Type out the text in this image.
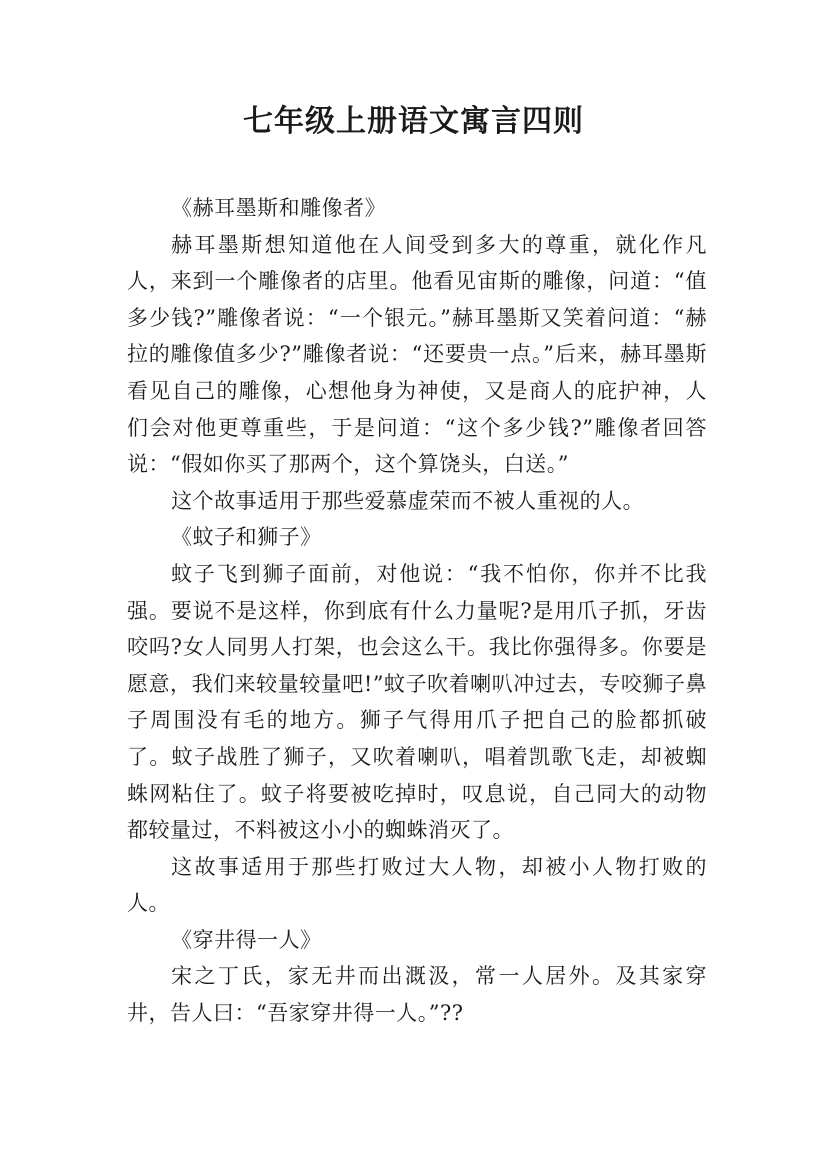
七年级上册语文寓言四则

《赫耳墨斯和雕像者》

赫耳墨斯想知道他在人间受到多大的尊重，就化作凡人，来到一个雕像者的店里。他看见宙斯的雕像，问道：“值多少钱?”雕像者说：“一个银元。”赫耳墨斯又笑着问道：“赫拉的雕像值多少?”雕像者说：“还要贵一点。”后来，赫耳墨斯看见自己的雕像，心想他身为神使，又是商人的庇护神，人们会对他更尊重些，于是问道：“这个多少钱?”雕像者回答说：“假如你买了那两个，这个算饶头，白送。”

这个故事适用于那些爱慕虚荣而不被人重视的人。

《蚊子和狮子》

蚊子飞到狮子面前，对他说：“我不怕你，你并不比我强。要说不是这样，你到底有什么力量呢?是用爪子抓，牙齿咬吗?女人同男人打架，也会这么干。我比你强得多。你要是愿意，我们来较量较量吧!”蚊子吹着喇叭冲过去，专咬狮子鼻子周围没有毛的地方。狮子气得用爪子把自己的脸都抓破了。蚊子战胜了狮子，又吹着喇叭，唱着凯歌飞走，却被蜘蛛网粘住了。蚊子将要被吃掉时，叹息说，自己同大的动物都较量过，不料被这小小的蜘蛛消灭了。

这故事适用于那些打败过大人物，却被小人物打败的人。

《穿井得一人》

宋之丁氏，家无井而出溉汲，常一人居外。及其家穿井，告人曰：“吾家穿井得一人。”??
